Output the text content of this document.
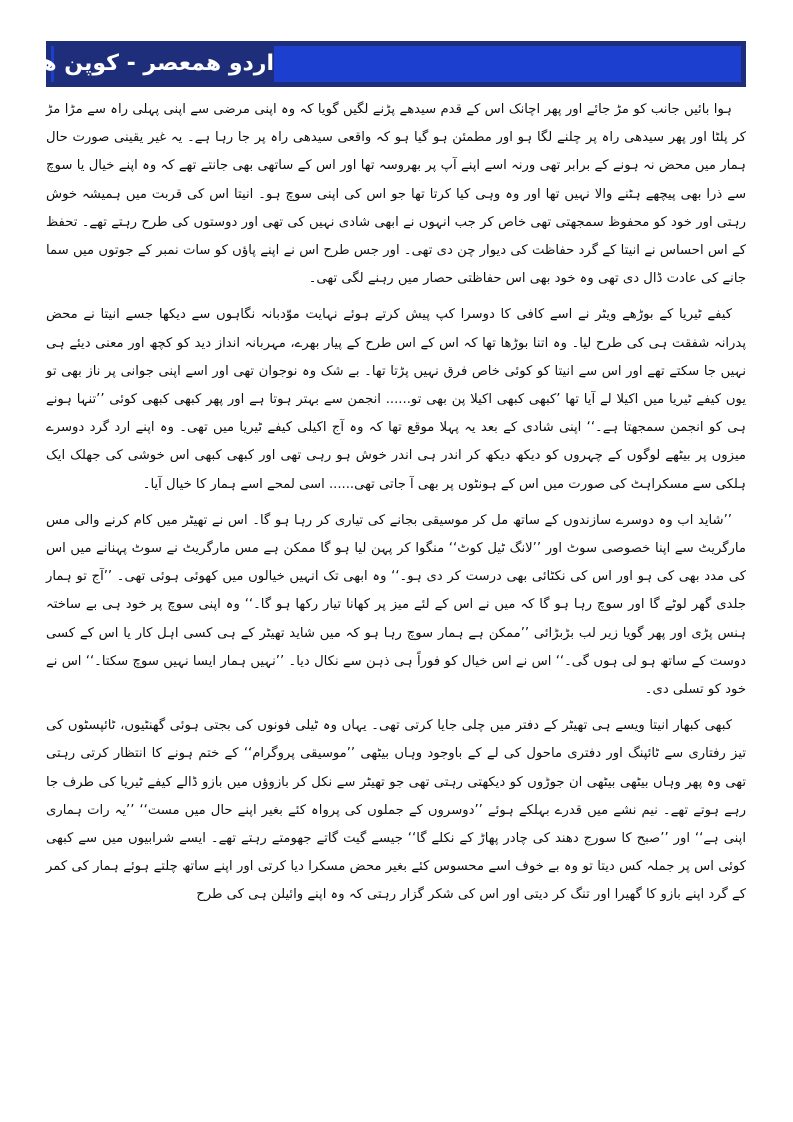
اردو همعصر - کوپن هیگن

ہوا بائیں جانب کو مڑ جائے اور پھر اچانک اس کے قدم سیدھے پڑنے لگیں گویا کہ وہ اپنی مرضی سے اپنی پہلی راہ سے مڑا مڑ کر پلٹا اور پھر سیدھی راہ پر چلنے لگا ہو اور مطمئن ہو گیا ہو کہ واقعی سیدھی راہ پر جا رہا ہے۔ یہ غیر یقینی صورت حال ہمار میں محض نہ ہونے کے برابر تھی ورنہ اسے اپنے آپ پر بھروسہ تھا اور اس کے ساتھی بھی جانتے تھے کہ وہ اپنے خیال یا سوچ سے ذرا بھی پیچھے ہٹنے والا نہیں تھا اور وہ وہی کیا کرتا تھا جو اس کی اپنی سوچ ہو۔ انیتا اس کی قربت میں ہمیشہ خوش رہتی اور خود کو محفوظ سمجھتی تھی خاص کر جب انہوں نے ابھی شادی نہیں کی تھی اور دوستوں کی طرح رہتے تھے۔ تحفظ کے اس احساس نے انیتا کے گرد حفاظت کی دیوار چن دی تھی۔ اور جس طرح اس نے اپنے پاؤں کو سات نمبر کے جوتوں میں سما جانے کی عادت ڈال دی تھی وہ خود بھی اس حفاظتی حصار میں رہنے لگی تھی۔

کیفے ٹیریا کے بوڑھے ویٹر نے اسے کافی کا دوسرا کپ پیش کرتے ہوئے نہایت موّدبانہ نگاہوں سے دیکھا جسے انیتا نے محض پدرانہ شفقت ہی کی طرح لیا۔ وہ اتنا بوڑھا تھا کہ اس کے اس طرح کے پیار بھرے، مہربانہ انداز دید کو کچھ اور معنی دیئے ہی نہیں جا سکتے تھے اور اس سے انیتا کو کوئی خاص فرق نہیں پڑتا تھا۔ بے شک وہ نوجوان تھی اور اسے اپنی جوانی پر ناز بھی تو یوں کیفے ٹیریا میں اکیلا لے آیا تھا ’کبھی کبھی اکیلا پن بھی تو...... انجمن سے بہتر ہوتا ہے اور پھر کبھی کبھی کوئی ’’تنہا ہونے ہی کو انجمن سمجھتا ہے۔‘‘ اپنی شادی کے بعد یہ پہلا موقع تھا کہ وہ آج اکیلی کیفے ٹیریا میں تھی۔ وہ اپنے ارد گرد دوسرے میزوں پر بیٹھے لوگوں کے چہروں کو دیکھ دیکھ کر اندر ہی اندر خوش ہو رہی تھی اور کبھی کبھی اس خوشی کی جھلک ایک ہلکی سے مسکراہٹ کی صورت میں اس کے ہونٹوں پر بھی آ جاتی تھی...... اسی لمحے اسے ہمار کا خیال آیا۔

’’شاید اب وہ دوسرے سازندوں کے ساتھ مل کر موسیقی بجانے کی تیاری کر رہا ہو گا۔ اس نے تھیٹر میں کام کرنے والی مس مارگریٹ سے اپنا خصوصی سوٹ اور ’’لانگ ٹیل کوٹ‘‘ منگوا کر پہن لیا ہو گا ممکن ہے مس مارگریٹ نے سوٹ پہنانے میں اس کی مدد بھی کی ہو اور اس کی نکٹائی بھی درست کر دی ہو۔‘‘ وہ ابھی تک انہیں خیالوں میں کھوئی ہوئی تھی۔ ’’آج تو ہمار جلدی گھر لوٹے گا اور سوچ رہا ہو گا کہ میں نے اس کے لئے میز پر کھانا تیار رکھا ہو گا۔‘‘ وہ اپنی سوچ پر خود ہی بے ساختہ ہنس پڑی اور پھر گویا زیر لب بڑبڑائی ’’ممکن ہے ہمار سوچ رہا ہو کہ میں شاید تھیٹر کے ہی کسی اہل کار یا اس کے کسی دوست کے ساتھ ہو لی ہوں گی۔‘‘ اس نے اس خیال کو فوراً ہی ذہن سے نکال دیا۔ ’’نہیں ہمار ایسا نہیں سوچ سکتا۔‘‘ اس نے خود کو تسلی دی۔

کبھی کبھار انیتا ویسے ہی تھیٹر کے دفتر میں چلی جایا کرتی تھی۔ یہاں وہ ٹیلی فونوں کی بجتی ہوئی گھنٹیوں، ٹائپسٹوں کی تیز رفتاری سے ٹائپنگ اور دفتری ماحول کی لے کے باوجود وہاں بیٹھی ’’موسیقی پروگرام‘‘ کے ختم ہونے کا انتظار کرتی رہتی تھی وہ پھر وہاں بیٹھی بیٹھی ان جوڑوں کو دیکھتی رہتی تھی جو تھیٹر سے نکل کر بازوؤں میں بازو ڈالے کیفے ٹیریا کی طرف جا رہے ہوتے تھے۔ نیم نشے میں قدرے بہلکے ہوئے ’’دوسروں کے جملوں کی پرواہ کئے بغیر اپنے حال میں مست‘‘ ’’یہ رات ہماری اپنی ہے‘‘ اور ’’صبح کا سورج دھند کی چادر پھاڑ کے نکلے گا‘‘ جیسے گیت گاتے جھومتے رہتے تھے۔ ایسے شرابیوں میں سے کبھی کوئی اس پر جملہ کس دیتا تو وہ بے خوف اسے محسوس کئے بغیر محض مسکرا دیا کرتی اور اپنے ساتھ چلتے ہوئے ہمار کی کمر کے گرد اپنے بازو کا گھیرا اور تنگ کر دیتی اور اس کی شکر گزار رہتی کہ وہ اپنے وائیلن ہی کی طرح
